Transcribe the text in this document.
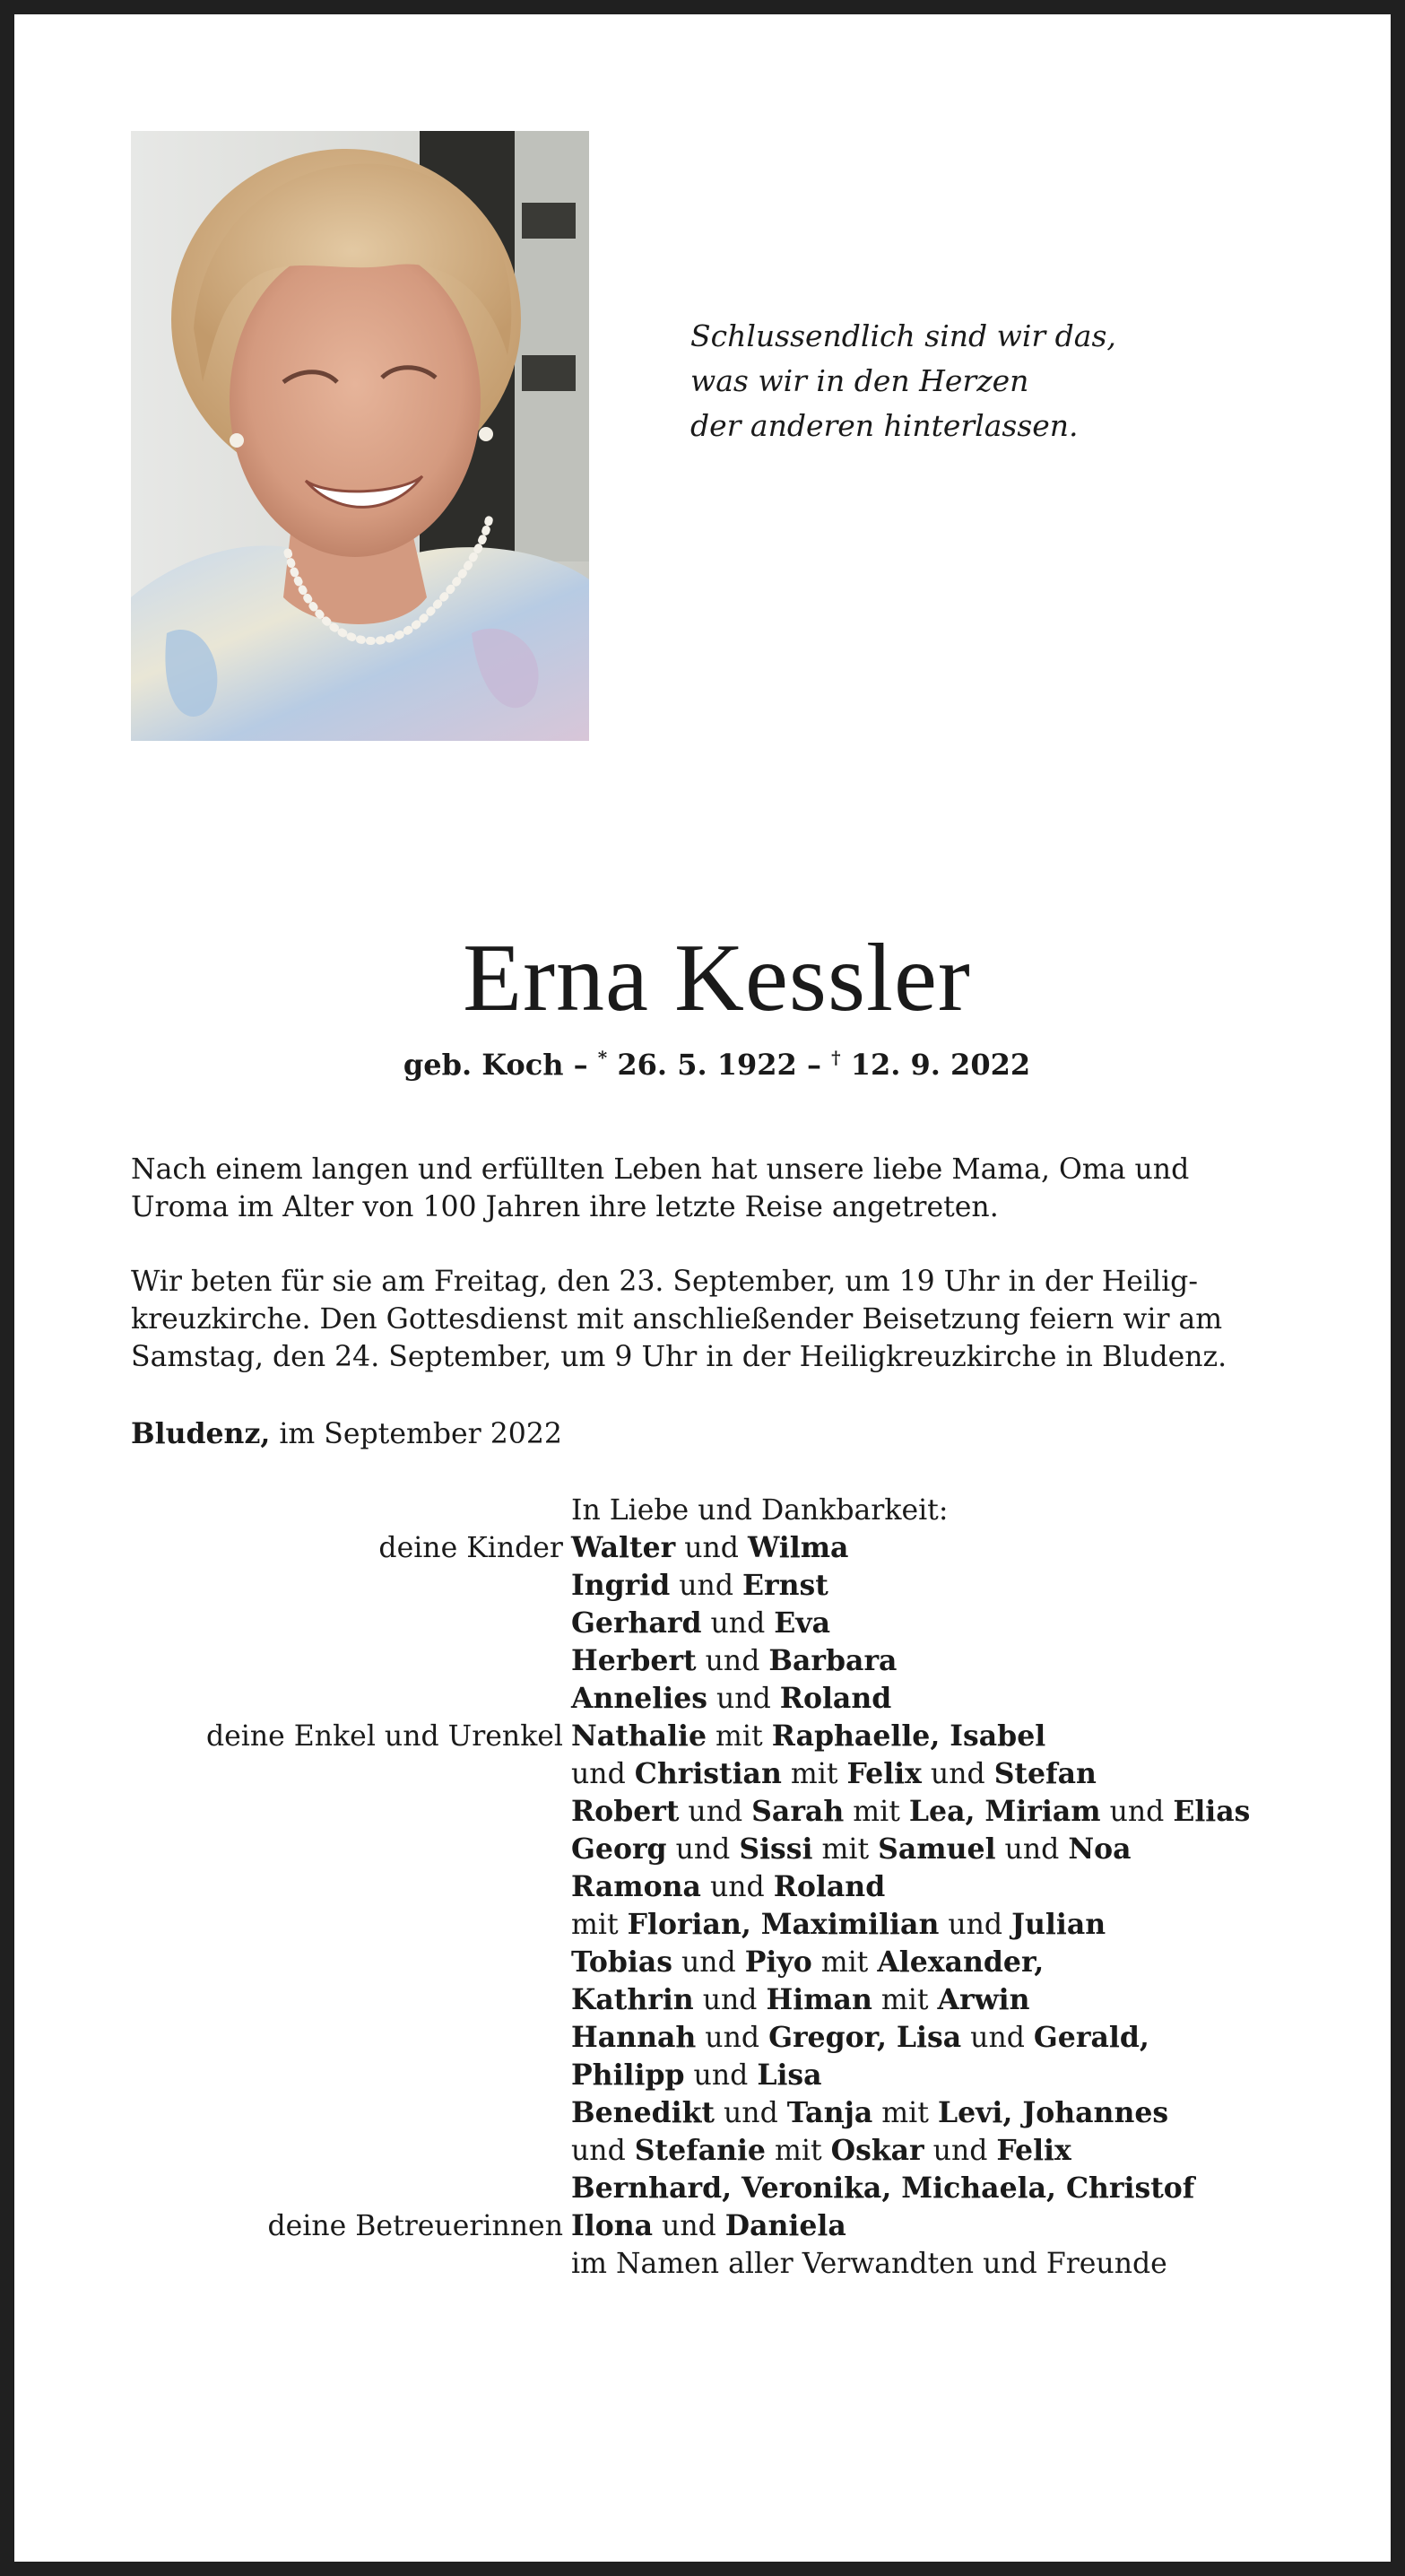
Schlussendlich sind wir das,
was wir in den Herzen
der anderen hinterlassen.
Erna Kessler
geb. Koch – * 26. 5. 1922 – † 12. 9. 2022
Nach einem langen und erfüllten Leben hat unsere liebe Mama, Oma und
Uroma im Alter von 100 Jahren ihre letzte Reise angetreten.
Wir beten für sie am Freitag, den 23. September, um 19 Uhr in der Heilig-
kreuzkirche. Den Gottesdienst mit anschließender Beisetzung feiern wir am
Samstag, den 24. September, um 9 Uhr in der Heiligkreuzkirche in Bludenz.
Bludenz, im September 2022
In Liebe und Dankbarkeit:
deine Kinder Walter und Wilma
Ingrid und Ernst
Gerhard und Eva
Herbert und Barbara
Annelies und Roland
deine Enkel und Urenkel Nathalie mit Raphaelle, Isabel
und Christian mit Felix und Stefan
Robert und Sarah mit Lea, Miriam und Elias
Georg und Sissi mit Samuel und Noa
Ramona und Roland
mit Florian, Maximilian und Julian
Tobias und Piyo mit Alexander,
Kathrin und Himan mit Arwin
Hannah und Gregor, Lisa und Gerald,
Philipp und Lisa
Benedikt und Tanja mit Levi, Johannes
und Stefanie mit Oskar und Felix
Bernhard, Veronika, Michaela, Christof
deine Betreuerinnen Ilona und Daniela
im Namen aller Verwandten und Freunde
